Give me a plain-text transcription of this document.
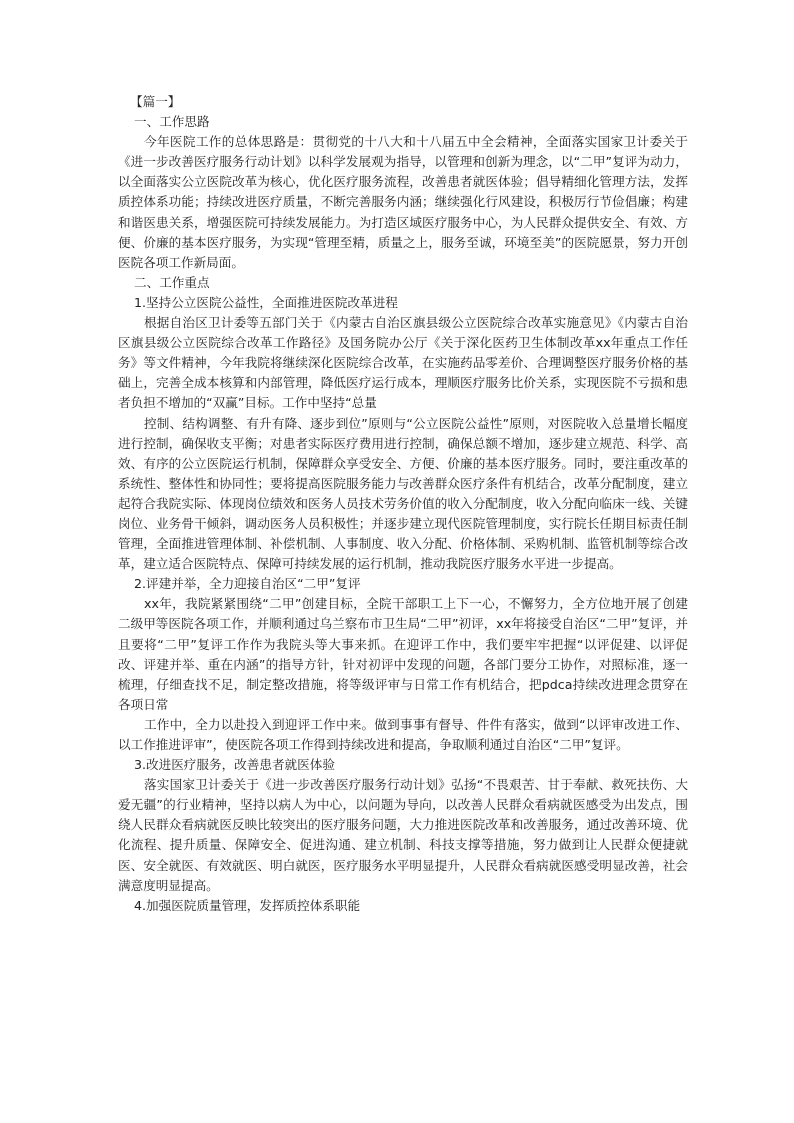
【篇一】

一、工作思路

今年医院工作的总体思路是：贯彻党的十八大和十八届五中全会精神，全面落实国家卫计委关于《进一步改善医疗服务行动计划》以科学发展观为指导，以管理和创新为理念，以“二甲”复评为动力，以全面落实公立医院改革为核心，优化医疗服务流程，改善患者就医体验；倡导精细化管理方法，发挥质控体系功能；持续改进医疗质量，不断完善服务内涵；继续强化行风建设，积极厉行节俭倡廉；构建和谐医患关系，增强医院可持续发展能力。为打造区域医疗服务中心，为人民群众提供安全、有效、方便、价廉的基本医疗服务，为实现“管理至精，质量之上，服务至诚，环境至美”的医院愿景，努力开创医院各项工作新局面。

二、工作重点

1.坚持公立医院公益性，全面推进医院改革进程

根据自治区卫计委等五部门关于《内蒙古自治区旗县级公立医院综合改革实施意见》《内蒙古自治区旗县级公立医院综合改革工作路径》及国务院办公厅《关于深化医药卫生体制改革xx年重点工作任务》等文件精神，今年我院将继续深化医院综合改革，在实施药品零差价、合理调整医疗服务价格的基础上，完善全成本核算和内部管理，降低医疗运行成本，理顺医疗服务比价关系，实现医院不亏损和患者负担不增加的“双赢”目标。工作中坚持“总量

控制、结构调整、有升有降、逐步到位”原则与“公立医院公益性”原则，对医院收入总量增长幅度进行控制，确保收支平衡；对患者实际医疗费用进行控制，确保总额不增加，逐步建立规范、科学、高效、有序的公立医院运行机制，保障群众享受安全、方便、价廉的基本医疗服务。同时，要注重改革的系统性、整体性和协同性；要将提高医院服务能力与改善群众医疗条件有机结合，改革分配制度，建立起符合我院实际、体现岗位绩效和医务人员技术劳务价值的收入分配制度，收入分配向临床一线、关键岗位、业务骨干倾斜，调动医务人员积极性；并逐步建立现代医院管理制度，实行院长任期目标责任制管理，全面推进管理体制、补偿机制、人事制度、收入分配、价格体制、采购机制、监管机制等综合改革，建立适合医院特点、保障可持续发展的运行机制，推动我院医疗服务水平进一步提高。

2.评建并举，全力迎接自治区“二甲”复评

xx年，我院紧紧围绕“二甲”创建目标，全院干部职工上下一心，不懈努力，全方位地开展了创建二级甲等医院各项工作，并顺利通过乌兰察布市卫生局“二甲”初评，xx年将接受自治区“二甲”复评，并且要将“二甲”复评工作作为我院头等大事来抓。在迎评工作中，我们要牢牢把握“以评促建、以评促改、评建并举、重在内涵”的指导方针，针对初评中发现的问题，各部门要分工协作，对照标准，逐一梳理，仔细查找不足，制定整改措施，将等级评审与日常工作有机结合，把pdca持续改进理念贯穿在各项日常

工作中，全力以赴投入到迎评工作中来。做到事事有督导、件件有落实，做到“以评审改进工作、以工作推进评审”，使医院各项工作得到持续改进和提高，争取顺利通过自治区“二甲”复评。

3.改进医疗服务，改善患者就医体验

落实国家卫计委关于《进一步改善医疗服务行动计划》弘扬“不畏艰苦、甘于奉献、救死扶伤、大爱无疆”的行业精神，坚持以病人为中心，以问题为导向，以改善人民群众看病就医感受为出发点，围绕人民群众看病就医反映比较突出的医疗服务问题，大力推进医院改革和改善服务，通过改善环境、优化流程、提升质量、保障安全、促进沟通、建立机制、科技支撑等措施，努力做到让人民群众便捷就医、安全就医、有效就医、明白就医，医疗服务水平明显提升，人民群众看病就医感受明显改善，社会满意度明显提高。

4.加强医院质量管理，发挥质控体系职能
